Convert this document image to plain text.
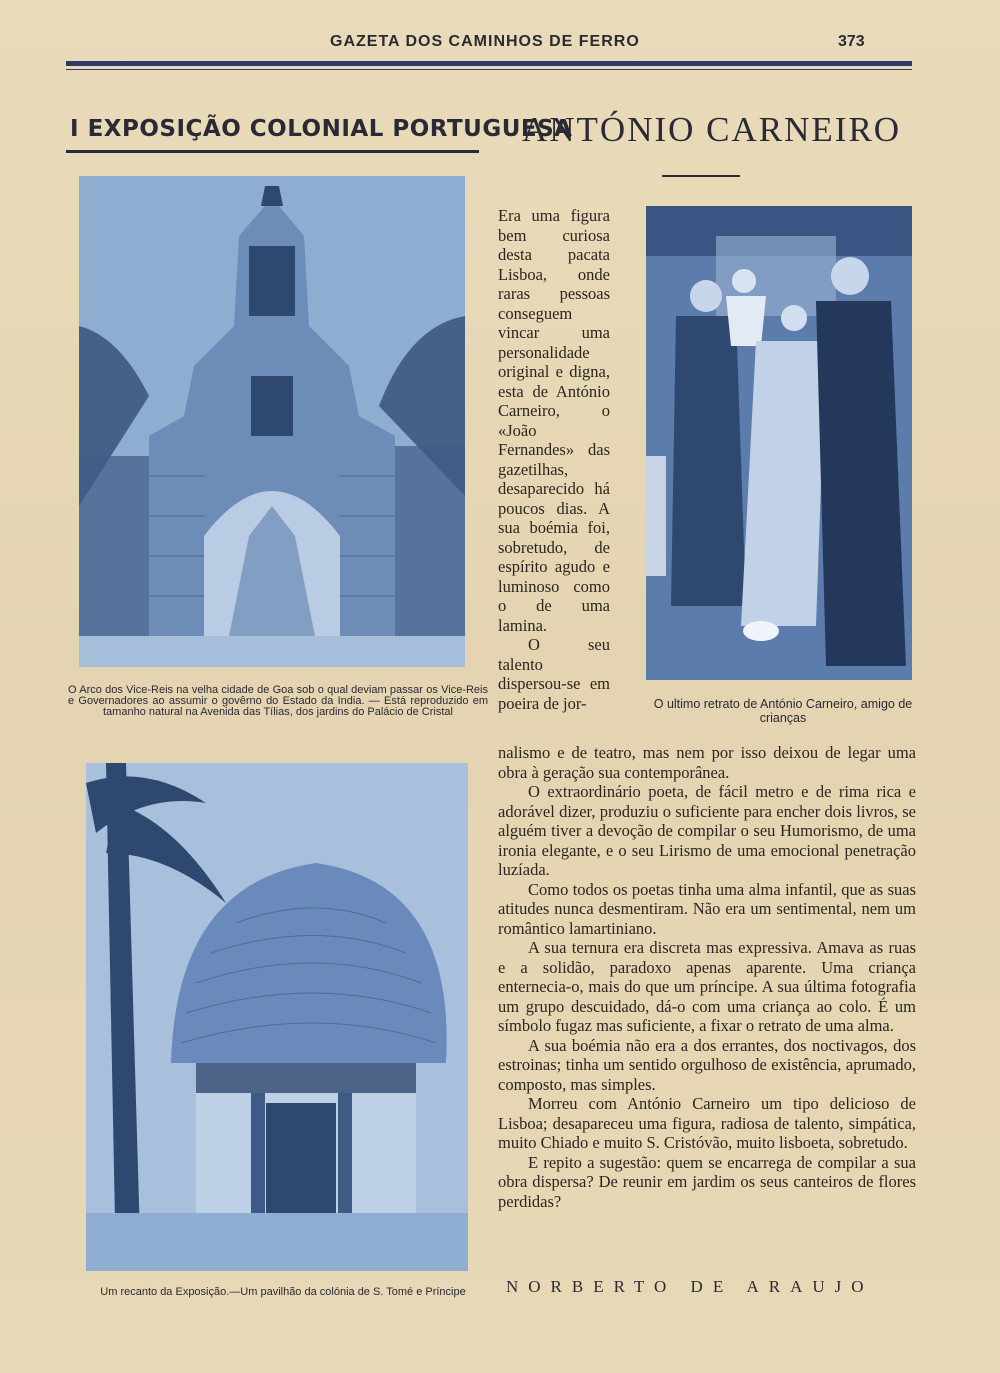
GAZETA DOS CAMINHOS DE FERRO	373
I EXPOSIÇÃO COLONIAL PORTUGUESA
ANTÓNIO CARNEIRO
O Arco dos Vice-Reis na velha cidade de Goa sob o qual deviam passar os Vice-Reis e Governadores ao assumir o govêrno do Estado da India. — Está reproduzido em tamanho natural na Avenida das Tílias, dos jardins do Palácio de Cristal
Um recanto da Exposição.—Um pavilhão da colónia de S. Tomé e Príncipe
O ultimo retrato de António Carneiro, amigo de crianças

Era uma figura bem curiosa desta pacata Lisboa, onde raras pessoas conseguem vincar uma personalidade original e digna, esta de António Carneiro, o «João Fernandes» das gazetilhas, desaparecido há poucos dias. A sua boémia foi, sobretudo, de espírito agudo e luminoso como o de uma lamina.

O seu talento dispersou-se em poeira de jor-

nalismo e de teatro, mas nem por isso deixou de legar uma obra à geração sua contemporânea.

O extraordinário poeta, de fácil metro e de rima rica e adorável dizer, produziu o suficiente para encher dois livros, se alguém tiver a devoção de compilar o seu Humorismo, de uma ironia elegante, e o seu Lirismo de uma emocional penetração luzíada.

Como todos os poetas tinha uma alma infantil, que as suas atitudes nunca desmentiram. Não era um sentimental, nem um romântico lamartiniano.

A sua ternura era discreta mas expressiva. Amava as ruas e a solidão, paradoxo apenas aparente. Uma criança enternecia-o, mais do que um príncipe. A sua última fotografia um grupo descuidado, dá-o com uma criança ao colo. É um símbolo fugaz mas suficiente, a fixar o retrato de uma alma.

A sua boémia não era a dos errantes, dos noctivagos, dos estroinas; tinha um sentido orgulhoso de existência, aprumado, composto, mas simples.

Morreu com António Carneiro um tipo delicioso de Lisboa; desapareceu uma figura, radiosa de talento, simpática, muito Chiado e muito S. Cristóvão, muito lisboeta, sobretudo.

E repito a sugestão: quem se encarrega de compilar a sua obra dispersa? De reunir em jardim os seus canteiros de flores perdidas?

NORBERTO DE ARAUJO
